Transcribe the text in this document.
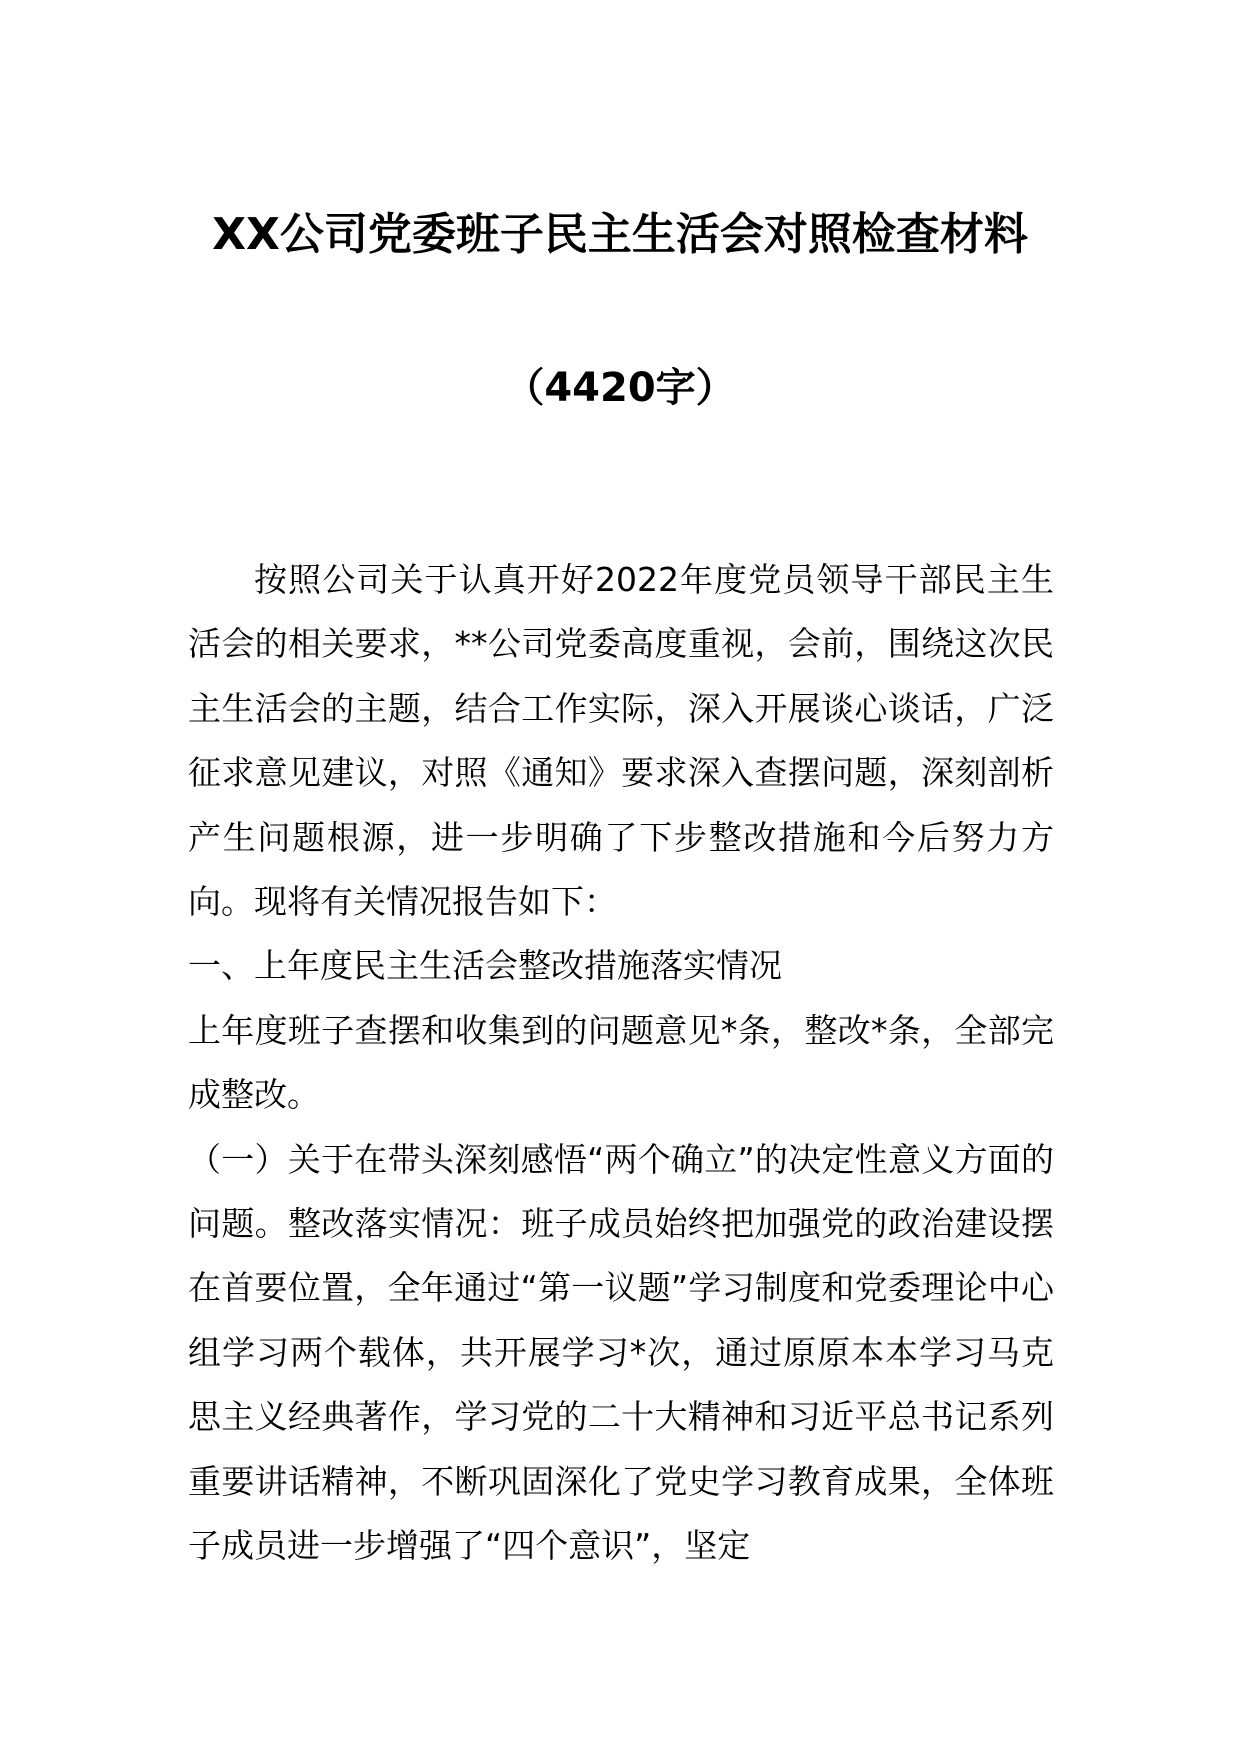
XX公司党委班子民主生活会对照检查材料
（4420字）

按照公司关于认真开好2022年度党员领导干部民主生活会的相关要求，**公司党委高度重视，会前，围绕这次民主生活会的主题，结合工作实际，深入开展谈心谈话，广泛征求意见建议，对照《通知》要求深入查摆问题，深刻剖析产生问题根源，进一步明确了下步整改措施和今后努力方向。现将有关情况报告如下：

一、上年度民主生活会整改措施落实情况

上年度班子查摆和收集到的问题意见*条，整改*条，全部完成整改。

（一）关于在带头深刻感悟“两个确立”的决定性意义方面的问题。整改落实情况：班子成员始终把加强党的政治建设摆在首要位置，全年通过“第一议题”学习制度和党委理论中心组学习两个载体，共开展学习*次，通过原原本本学习马克思主义经典著作，学习党的二十大精神和习近平总书记系列重要讲话精神，不断巩固深化了党史学习教育成果，全体班子成员进一步增强了“四个意识”，坚定
